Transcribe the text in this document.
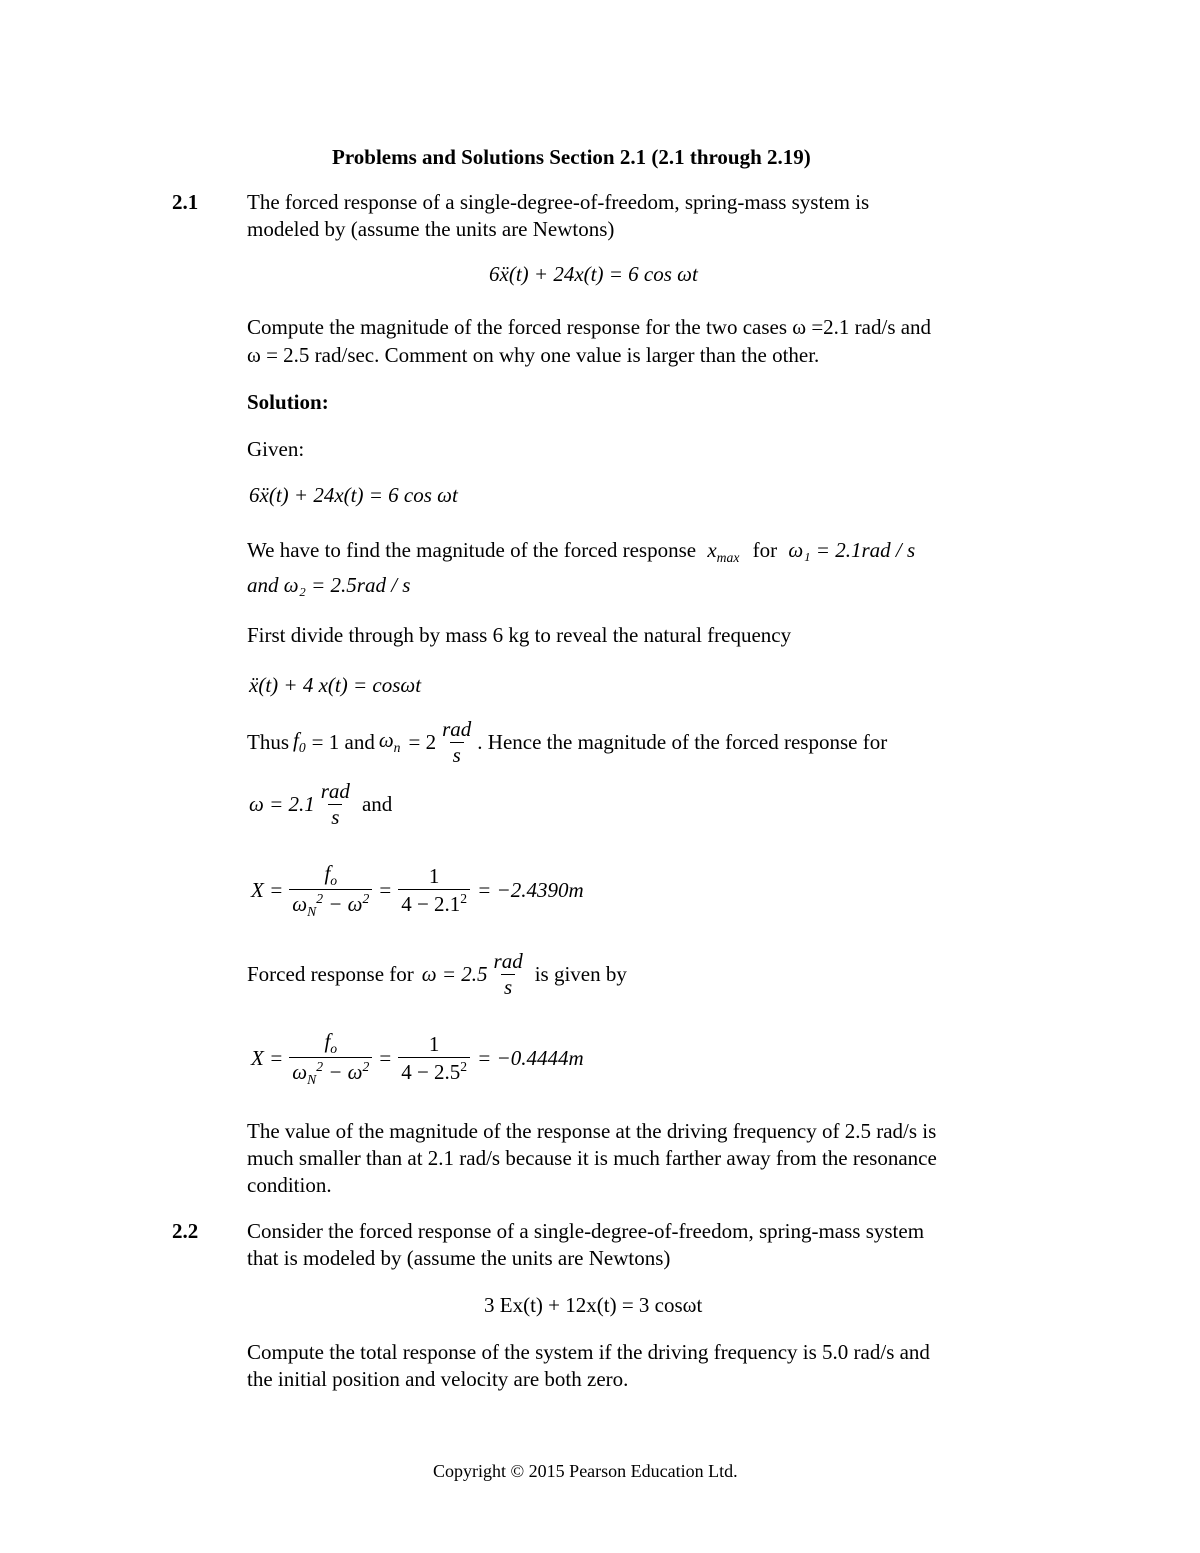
Problems and Solutions Section 2.1 (2.1 through 2.19)
2.1 The forced response of a single-degree-of-freedom, spring-mass system is
modeled by (assume the units are Newtons)
6ẍ(t) + 24x(t) = 6 cos ωt
Compute the magnitude of the forced response for the two cases ω =2.1 rad/s and
ω = 2.5 rad/sec. Comment on why one value is larger than the other.
Solution:
Given:
6ẍ(t) + 24x(t) = 6 cos ωt
We have to find the magnitude of the forced response $x_{max}$ for ω₁ = 2.1rad / s
and ω₂ = 2.5rad / s
First divide through by mass 6 kg to reveal the natural frequency
ẍ(t) + 4 x(t) = cosωt
Thus $f_0 = 1$ and $\omega_n = 2 \frac{\text{rad}}{s}$ . Hence the magnitude of the forced response for
$\omega = 2.1 \frac{\text{rad}}{s}$ and
$X = \frac{f_o}{\omega_N^2 - \omega^2} = \frac{1}{4 - 2.1^2} = -2.4390m$
Forced response for $\omega = 2.5 \frac{\text{rad}}{s}$ is given by
$X = \frac{f_o}{\omega_N^2 - \omega^2} = \frac{1}{4 - 2.5^2} = -0.4444m$
The value of the magnitude of the response at the driving frequency of 2.5 rad/s is
much smaller than at 2.1 rad/s because it is much farther away from the resonance
condition.
2.2 Consider the forced response of a single-degree-of-freedom, spring-mass system
that is modeled by (assume the units are Newtons)
3 Ex(t) + 12x(t) = 3 cosωt
Compute the total response of the system if the driving frequency is 5.0 rad/s and
the initial position and velocity are both zero.
Copyright © 2015 Pearson Education Ltd.
